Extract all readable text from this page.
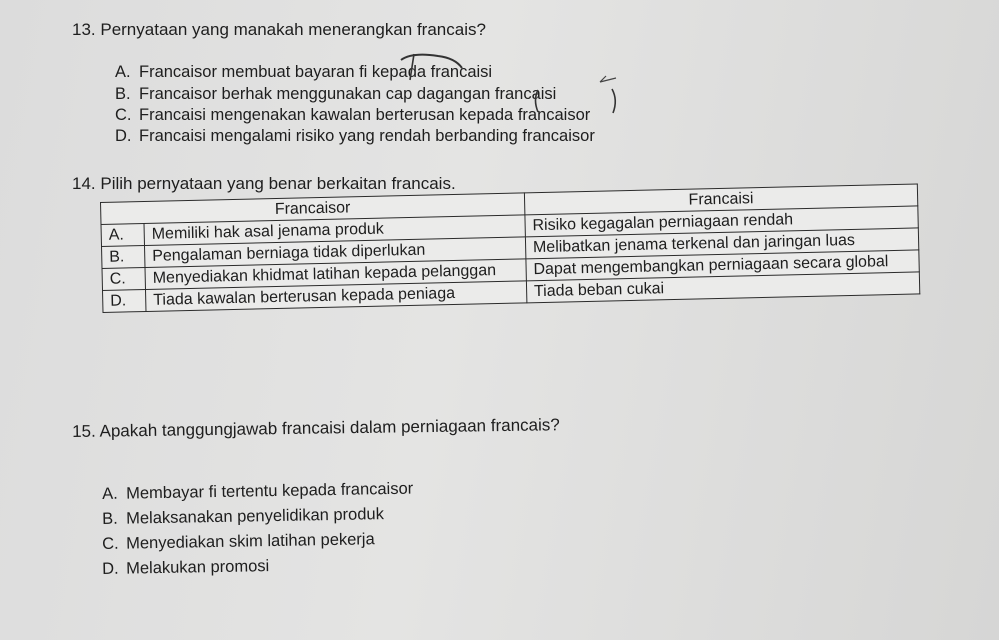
13. Pernyataan yang manakah menerangkan francais?
A. Francaisor membuat bayaran fi kepada francaisi
B. Francaisor berhak menggunakan cap dagangan francaisi
C. Francaisi mengenakan kawalan berterusan kepada francaisor
D. Francaisi mengalami risiko yang rendah berbanding francaisor
14. Pilih pernyataan yang benar berkaitan francais.
Francaisor		Francaisi
A.	Memiliki hak asal jenama produk	Risiko kegagalan perniagaan rendah
B.	Pengalaman berniaga tidak diperlukan	Melibatkan jenama terkenal dan jaringan luas
C.	Menyediakan khidmat latihan kepada pelanggan	Dapat mengembangkan perniagaan secara global
D.	Tiada kawalan berterusan kepada peniaga	Tiada beban cukai
15. Apakah tanggungjawab francaisi dalam perniagaan francais?
A. Membayar fi tertentu kepada francaisor
B. Melaksanakan penyelidikan produk
C. Menyediakan skim latihan pekerja
D. Melakukan promosi
